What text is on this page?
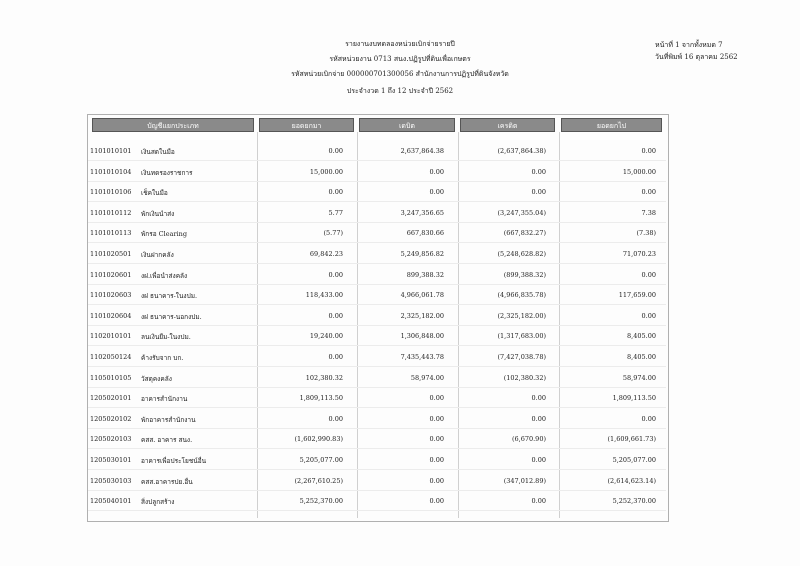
รายงานงบทดลองหน่วยเบิกจ่ายรายปี
รหัสหน่วยงาน 0713 สนง.ปฏิรูปที่ดินเพื่อเกษตร
รหัสหน่วยเบิกจ่าย 000000701300056 สำนักงานการปฏิรูปที่ดินจังหวัด
ประจำงวด 1 ถึง 12 ประจำปี 2562
หน้าที่ 1 จากทั้งหมด 7
วันที่พิมพ์ 16 ตุลาคม 2562
บัญชีแยกประเภท	ยอดยกมา	เดบิต	เครดิต	ยอดยกไป
1101010101 เงินสดในมือ	0.00	2,637,864.38	(2,637,864.38)	0.00
1101010104 เงินทดรองราชการ	15,000.00	0.00	0.00	15,000.00
1101010106 เช็คในมือ	0.00	0.00	0.00	0.00
1101010112 พักเงินนำส่ง	5.77	3,247,356.65	(3,247,355.04)	7.38
1101010113 พักรอ Clearing	(5.77)	667,830.66	(667,832.27)	(7.38)
1101020501 เงินฝากคลัง	69,842.23	5,249,856.82	(5,248,628.82)	71,070.23
1101020601 งฝ.เพื่อนำส่งคลัง	0.00	899,388.32	(899,388.32)	0.00
1101020603 งฝ ธนาคาร-ในงปม.	118,433.00	4,966,061.78	(4,966,835.78)	117,659.00
1101020604 งฝ ธนาคาร-นอกงปม.	0.00	2,325,182.00	(2,325,182.00)	0.00
1102010101 ลนเงินยืม-ในงปม.	19,240.00	1,306,848.00	(1,317,683.00)	8,405.00
1102050124 ค้างรับจาก บก.	0.00	7,435,443.78	(7,427,038.78)	8,405.00
1105010105 วัสดุคงคลัง	102,380.32	58,974.00	(102,380.32)	58,974.00
1205020101 อาคารสำนักงาน	1,809,113.50	0.00	0.00	1,809,113.50
1205020102 พักอาคารสำนักงาน	0.00	0.00	0.00	0.00
1205020103 คสส. อาคาร สนง.	(1,602,990.83)	0.00	(6,670.90)	(1,609,661.73)
1205030101 อาคารเพื่อประโยชน์อื่น	5,205,077.00	0.00	0.00	5,205,077.00
1205030103 คสส.อาคารปย.อื่น	(2,267,610.25)	0.00	(347,012.89)	(2,614,623.14)
1205040101 สิ่งปลูกสร้าง	5,252,370.00	0.00	0.00	5,252,370.00
